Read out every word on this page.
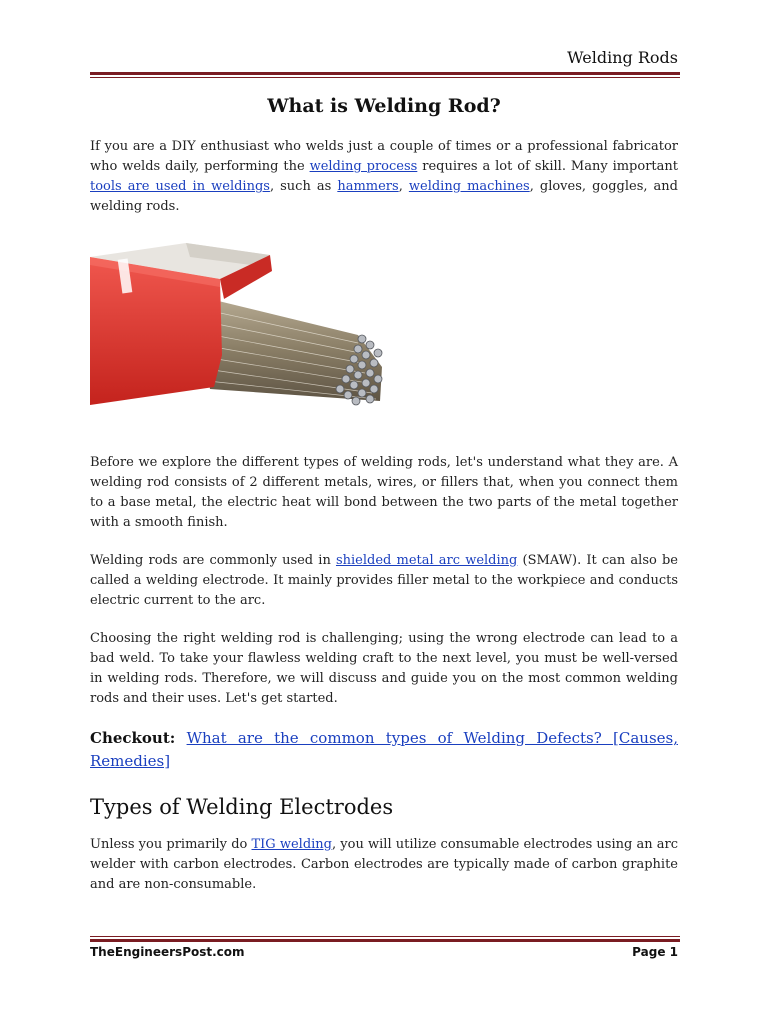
Welding Rods
What is Welding Rod?

If you are a DIY enthusiast who welds just a couple of times or a professional fabricator who welds daily, performing the welding process requires a lot of skill. Many important tools are used in weldings, such as hammers, welding machines, gloves, goggles, and welding rods.

Before we explore the different types of welding rods, let's understand what they are. A welding rod consists of 2 different metals, wires, or fillers that, when you connect them to a base metal, the electric heat will bond between the two parts of the metal together with a smooth finish.

Welding rods are commonly used in shielded metal arc welding (SMAW). It can also be called a welding electrode. It mainly provides filler metal to the workpiece and conducts electric current to the arc.

Choosing the right welding rod is challenging; using the wrong electrode can lead to a bad weld. To take your flawless welding craft to the next level, you must be well-versed in welding rods. Therefore, we will discuss and guide you on the most common welding rods and their uses. Let's get started.

Checkout: What are the common types of Welding Defects? [Causes, Remedies]
Types of Welding Electrodes

Unless you primarily do TIG welding, you will utilize consumable electrodes using an arc welder with carbon electrodes. Carbon electrodes are typically made of carbon graphite and are non-consumable.

TheEngineersPost.com	Page 1
